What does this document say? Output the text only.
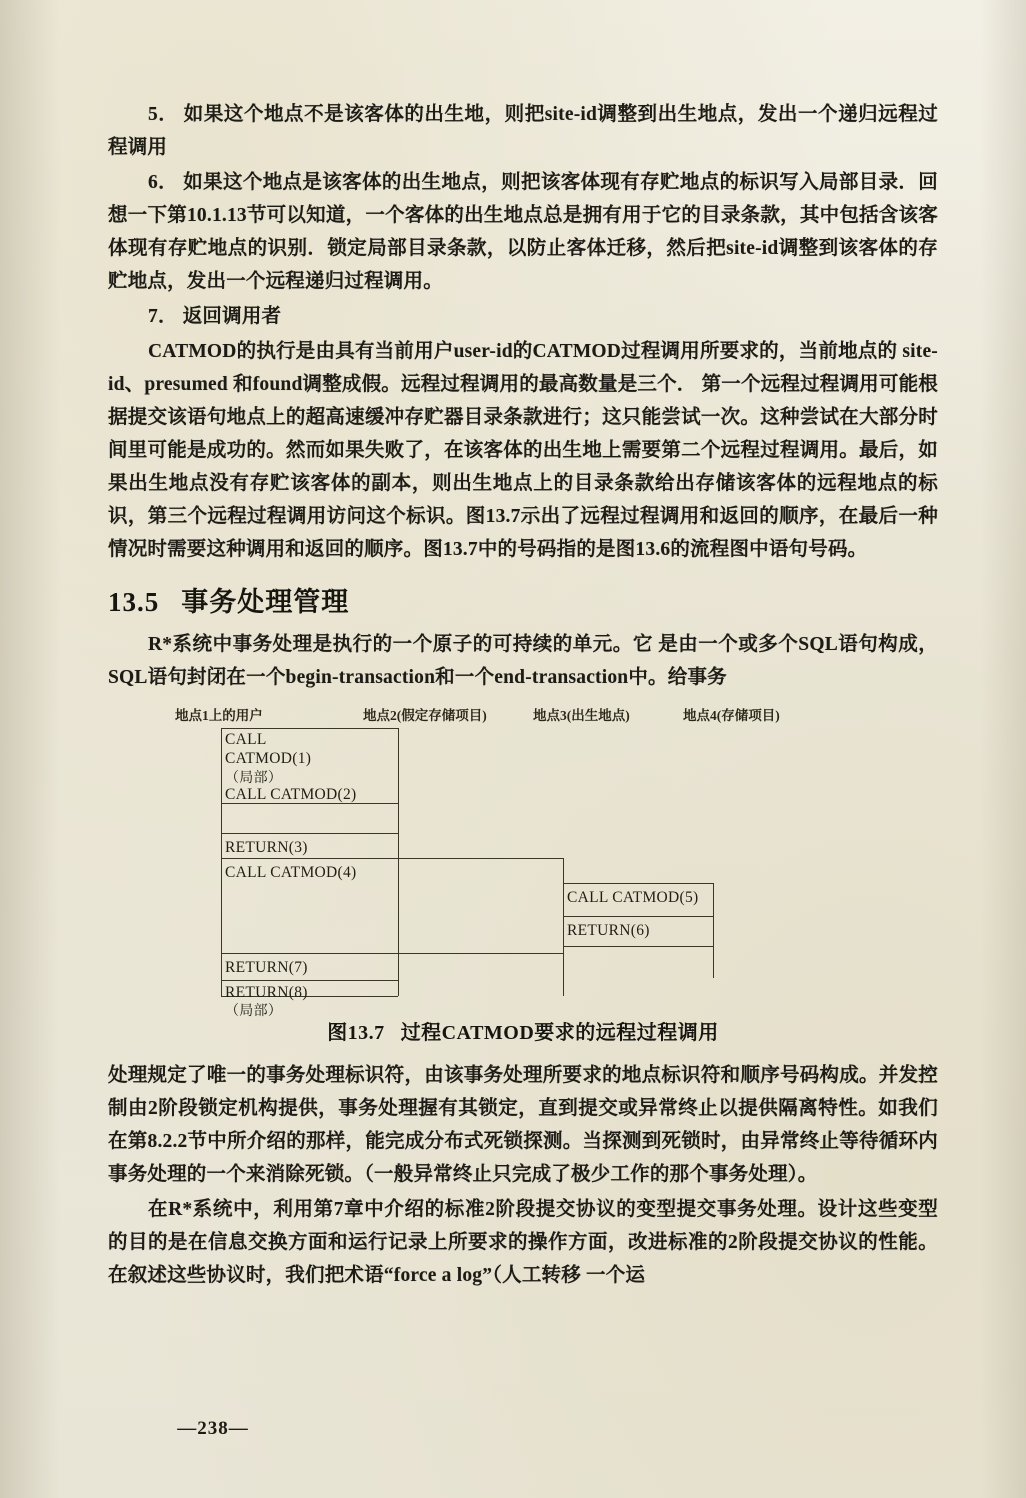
5． 如果这个地点不是该客体的出生地，则把site-id调整到出生地点，发出一个递归远程过程调用

6． 如果这个地点是该客体的出生地点，则把该客体现有存贮地点的标识写入局部目录．回想一下第10.1.13节可以知道，一个客体的出生地点总是拥有用于它的目录条款，其中包括含该客体现有存贮地点的识别．锁定局部目录条款，以防止客体迁移，然后把site-id调整到该客体的存贮地点，发出一个远程递归过程调用。

7． 返回调用者

CATMOD的执行是由具有当前用户user-id的CATMOD过程调用所要求的，当前地点的 site-id、presumed 和found调整成假。远程过程调用的最高数量是三个． 第一个远程过程调用可能根据提交该语句地点上的超高速缓冲存贮器目录条款进行；这只能尝试一次。这种尝试在大部分时间里可能是成功的。然而如果失败了，在该客体的出生地上需要第二个远程过程调用。最后，如果出生地点没有存贮该客体的副本，则出生地点上的目录条款给出存储该客体的远程地点的标识，第三个远程过程调用访问这个标识。图13.7示出了远程过程调用和返回的顺序，在最后一种情况时需要这种调用和返回的顺序。图13.7中的号码指的是图13.6的流程图中语句号码。

13.5 事务处理管理

R*系统中事务处理是执行的一个原子的可持续的单元。它 是由一个或多个SQL语句构成，SQL语句封闭在一个begin-transaction和一个end-transaction中。给事务

地点1上的用户	地点2(假定存储项目)	地点3(出生地点)	地点4(存储项目)
CALL
CATMOD(1)
（局部）
CALL CATMOD(2)
RETURN(3)
CALL CATMOD(4)
CALL CATMOD(5)
RETURN(6)
RETURN(7)
RETURN(8)
（局部）
图13.7 过程CATMOD要求的远程过程调用

处理规定了唯一的事务处理标识符，由该事务处理所要求的地点标识符和顺序号码构成。并发控制由2阶段锁定机构提供，事务处理握有其锁定，直到提交或异常终止以提供隔离特性。如我们在第8.2.2节中所介绍的那样，能完成分布式死锁探测。当探测到死锁时，由异常终止等待循环内事务处理的一个来消除死锁。（一般异常终止只完成了极少工作的那个事务处理）。

在R*系统中，利用第7章中介绍的标准2阶段提交协议的变型提交事务处理。设计这些变型的目的是在信息交换方面和运行记录上所要求的操作方面，改进标准的2阶段提交协议的性能。在叙述这些协议时，我们把术语“force a log”（人工转移 一个运

—238—
